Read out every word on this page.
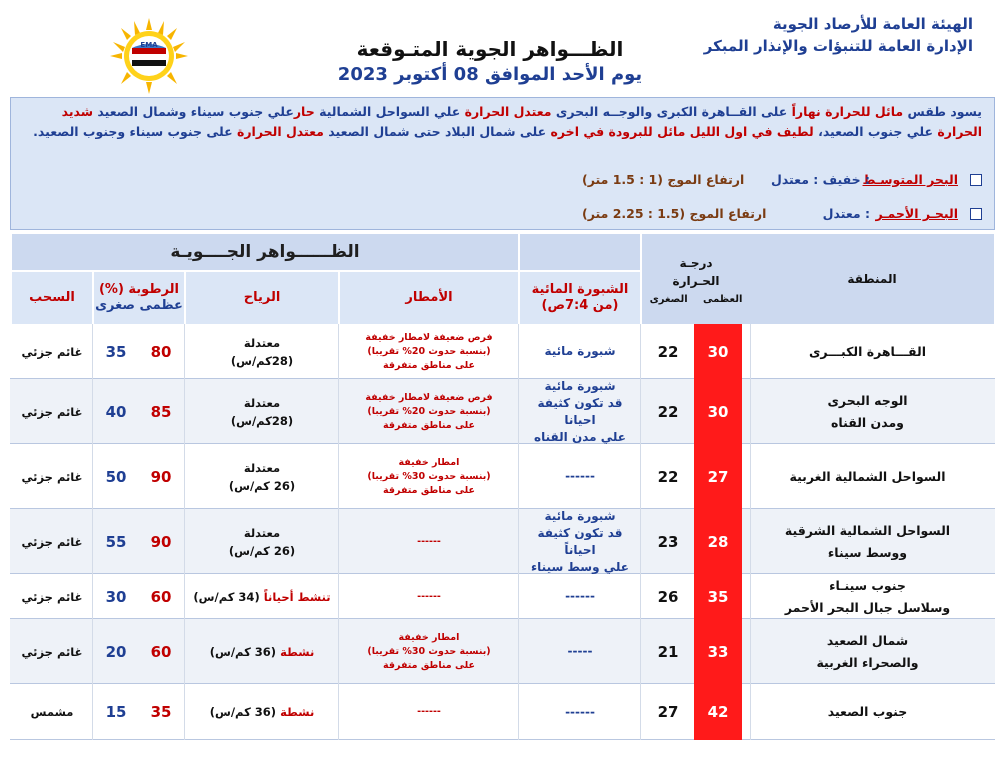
الهيئة العامة للأرصاد الجوية
الإدارة العامة للتنبؤات والإنذار المبكر
الظـــواهر الجوية المتـوقعة
يوم الأحد الموافق 08 أكتوبر 2023
EMA
يسود طقس مائل للحرارة نهاراً على القــاهرة الكبرى والوجــه البحرى معتدل الحرارة علي السواحل الشمالية حارعلي جنوب سيناء وشمال الصعيد شديد الحرارة علي جنوب الصعيد، لطيف في اول الليل مائل للبرودة في اخره على شمال البلاد حتى شمال الصعيد معتدل الحرارة على جنوب سيناء وجنوب الصعيد.
البحر المتوسـط
: خفيف : معتدل
ارتفاع الموج (1 : 1.5 متر)
البحـر الأحمـر
: معتدل
ارتفاع الموج (1.5 : 2.25 متر)
المنطقة
درجـة الحـرارة
العظمى
الصغرى
الظــــــواهر الجــــويـة
الشبورة المائية
(من 7:4ص)
الأمطار
الرياح
الرطوبة (%)
عظمى صغرى
السحب
القـــاهرة الكبـــرى
30
22
شبورة مائية
فرص ضعيفة لامطار خفيفة
(بنسبة حدوث 20% تقريبا)
على مناطق متفرقة
معتدلة
(28كم/س)
80
35
غائم جزئي
الوجه البحرى
ومدن القناه
30
22
شبورة مائية
قد تكون كثيفة احيانا
علي مدن القناه
فرص ضعيفة لامطار خفيفة
(بنسبة حدوث 20% تقريبا)
على مناطق متفرقة
معتدلة
(28كم/س)
85
40
غائم جزئي
السواحل الشمالية الغربية
27
22
------
امطار خفيفة
(بنسبة حدوث 30% تقريبا)
على مناطق متفرقة
معتدلة
(26 كم/س)
90
50
غائم جزئي
السواحل الشمالية الشرقية
ووسط سيناء
28
23
شبورة مائية
قد تكون كثيفة احياناً
علي وسط سيناء
------
معتدلة
(26 كم/س)
90
55
غائم جزئي
جنوب سينـاء
وسلاسل جبال البحر الأحمر
35
26
------
------
تنشط أحياناً (34 كم/س)
60
30
غائم جزئي
شمال الصعيد
والصحراء الغربية
33
21
-----
امطار خفيفة
(بنسبة حدوث 30% تقريبا)
على مناطق متفرقة
نشطة (36 كم/س)
60
20
غائم جزئي
جنوب الصعيد
42
27
------
------
نشطة (36 كم/س)
35
15
مشمس
